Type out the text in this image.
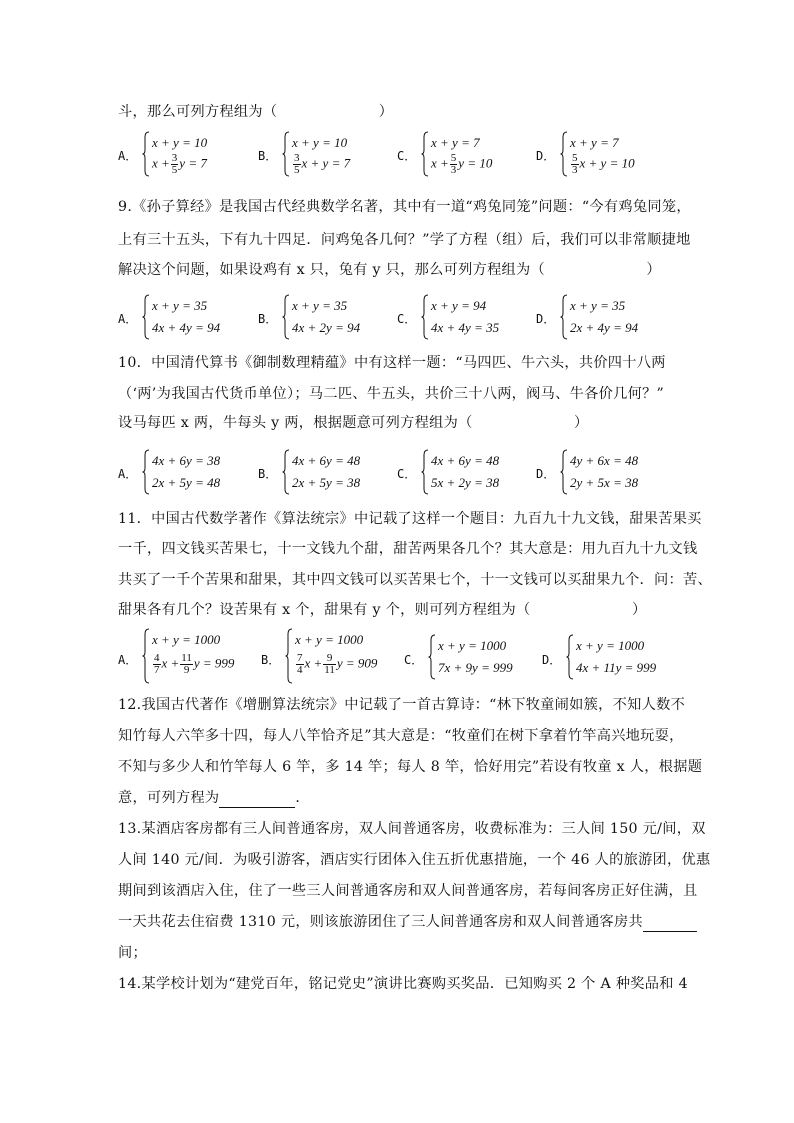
斗，那么可列方程组为（　　　　　　　）
A．
x + y = 10
$x + \frac{3}{5}$ y = 7	B．
x + y = 10
$\frac{3}{5}$ x + y = 7	C．
x + y = 7
$x + \frac{5}{3}$ y = 10	D．
x + y = 7
$\frac{5}{3}$ x + y = 10
9.《孙子算经》是我国古代经典数学名著，其中有一道“鸡兔同笼”问题：“今有鸡兔同笼，
上有三十五头，下有九十四足．问鸡兔各几何？”学了方程（组）后，我们可以非常顺捷地
解决这个问题，如果设鸡有 x 只，兔有 y 只，那么可列方程组为（　　　　　　　）
A．
x + y = 35
4x + 4y = 94
B．
x + y = 35
4x + 2y = 94
C．
x + y = 94
4x + 4y = 35
D．
x + y = 35
2x + 4y = 94
10．中国清代算书《御制数理精蕴》中有这样一题：“马四匹、牛六头，共价四十八两
（‘两’为我国古代货币单位）；马二匹、牛五头，共价三十八两，阀马、牛各价几何？”
设马每匹 x 两，牛每头 y 两，根据题意可列方程组为（　　　　　　　）
A．
4x + 6y = 38
2x + 5y = 48
B．
4x + 6y = 48
2x + 5y = 38
C．
4x + 6y = 48
5x + 2y = 38
D．
4y + 6x = 48
2y + 5x = 38
11．中国古代数学著作《算法统宗》中记载了这样一个题目：九百九十九文钱，甜果苦果买
一千，四文钱买苦果七，十一文钱九个甜，甜苦两果各几个？其大意是：用九百九十九文钱
共买了一千个苦果和甜果，其中四文钱可以买苦果七个，十一文钱可以买甜果九个．问：苦、
甜果各有几个？设苦果有 x 个，甜果有 y 个，则可列方程组为（　　　　　　　）
A．
x + y = 1000
$\frac{4}{7}$ $x + \frac{11}{9}$ y = 999 B．
x + y = 1000
$\frac{7}{4}$ $x + \frac{9}{11}$ y = 909 C．
x + y = 1000
7x + 9y = 999 D．
x + y = 1000
4x + 11y = 999
12.我国古代著作《增删算法统宗》中记载了一首古算诗：“林下牧童闹如簇，不知人数不
知竹每人六竿多十四，每人八竿恰齐足”其大意是：“牧童们在树下拿着竹竿高兴地玩耍，
不知与多少人和竹竿每人 6 竿，多 14 竿；每人 8 竿，恰好用完”若设有牧童 x 人，根据题
意，可列方程为	．
13.某酒店客房都有三人间普通客房，双人间普通客房，收费标准为：三人间 150 元/间，双
人间 140 元/间．为吸引游客，酒店实行团体入住五折优惠措施，一个 46 人的旅游团，优惠
期间到该酒店入住，住了一些三人间普通客房和双人间普通客房，若每间客房正好住满，且
一天共花去住宿费 1310 元，则该旅游团住了三人间普通客房和双人间普通客房共
间；
14.某学校计划为“建党百年，铭记党史”演讲比赛购买奖品．已知购买 2 个 A 种奖品和 4
